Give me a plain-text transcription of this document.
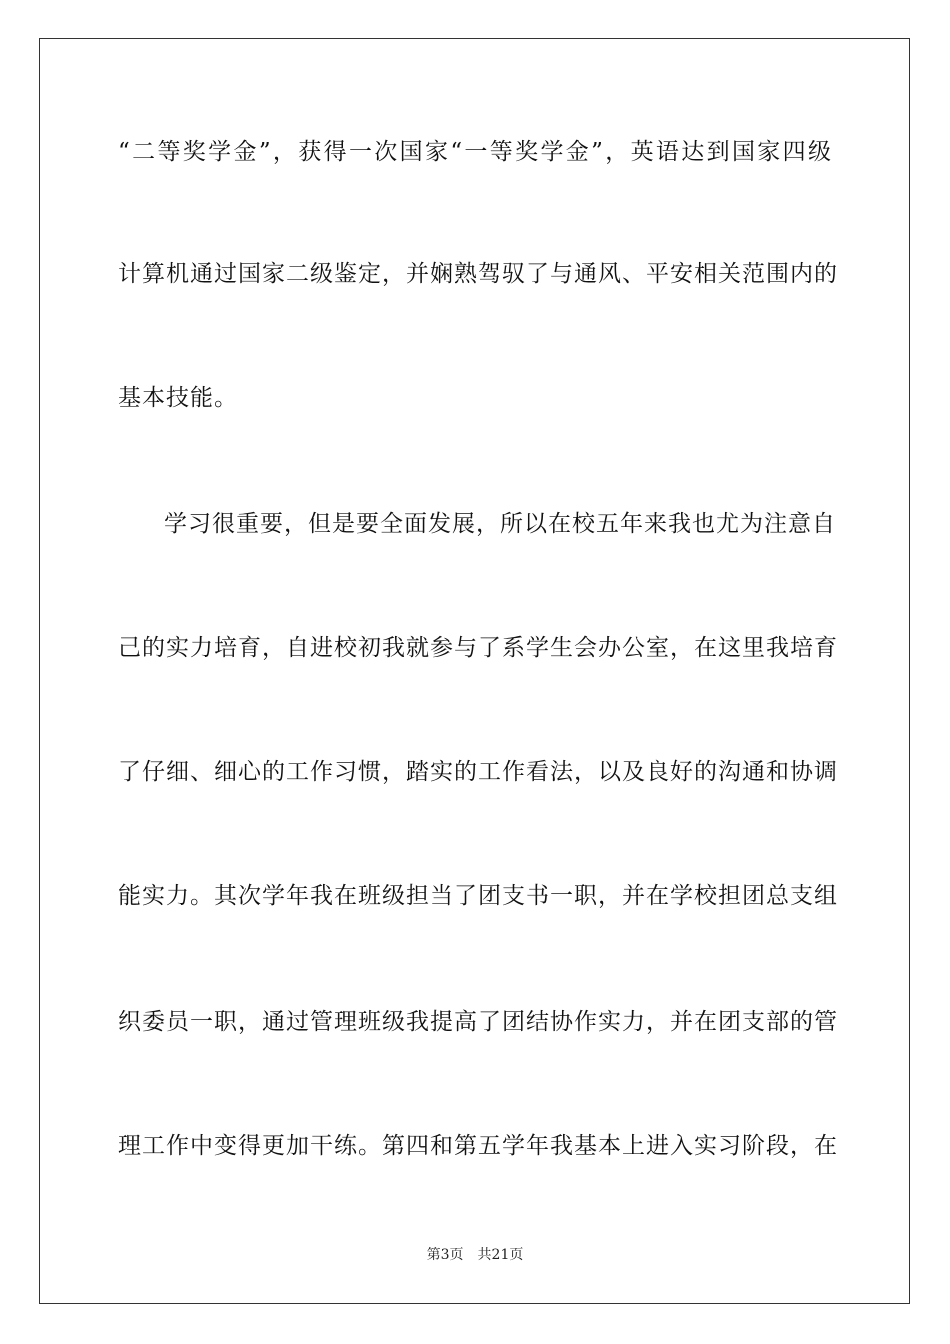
“二等奖学金”，获得一次国家“一等奖学金”，英语达到国家四级
计算机通过国家二级鉴定，并娴熟驾驭了与通风、平安相关范围内的
基本技能。
学习很重要，但是要全面发展，所以在校五年来我也尤为注意自
己的实力培育，自进校初我就参与了系学生会办公室，在这里我培育
了仔细、细心的工作习惯，踏实的工作看法，以及良好的沟通和协调
能实力。其次学年我在班级担当了团支书一职，并在学校担团总支组
织委员一职，通过管理班级我提高了团结协作实力，并在团支部的管
理工作中变得更加干练。第四和第五学年我基本上进入实习阶段，在
第3页 共21页
